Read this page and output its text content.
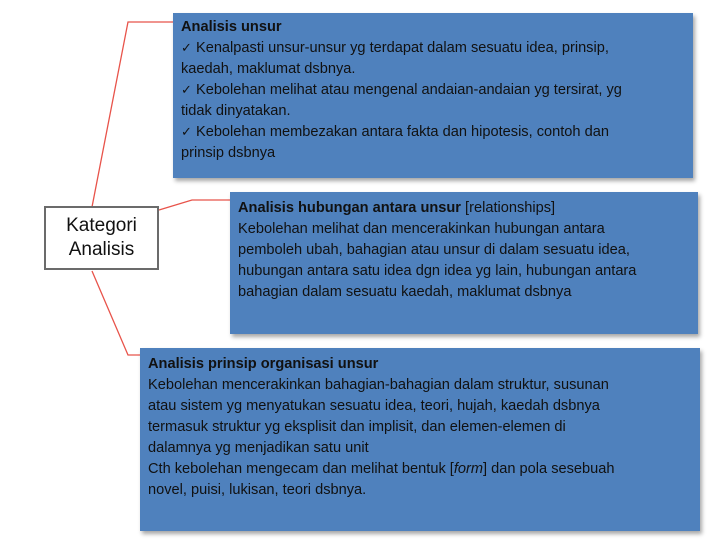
Kategori
Analisis
Analisis unsur
✓ Kenalpasti unsur-unsur yg terdapat dalam sesuatu idea, prinsip,
kaedah, maklumat dsbnya.
✓ Kebolehan melihat atau mengenal andaian-andaian yg tersirat, yg
tidak dinyatakan.
✓ Kebolehan membezakan antara fakta dan hipotesis, contoh dan
prinsip dsbnya
Analisis hubungan antara unsur [relationships]
Kebolehan melihat dan mencerakinkan hubungan antara
pemboleh ubah, bahagian atau unsur di dalam sesuatu idea,
hubungan antara satu idea dgn idea yg lain, hubungan antara
bahagian dalam sesuatu kaedah, maklumat dsbnya
Analisis prinsip organisasi unsur
Kebolehan mencerakinkan bahagian-bahagian dalam struktur, susunan
atau sistem yg menyatukan sesuatu idea, teori, hujah, kaedah dsbnya
termasuk struktur yg eksplisit dan implisit, dan elemen-elemen di
dalamnya yg menjadikan satu unit
Cth kebolehan mengecam dan melihat bentuk [form] dan pola sesebuah
novel, puisi, lukisan, teori dsbnya.
